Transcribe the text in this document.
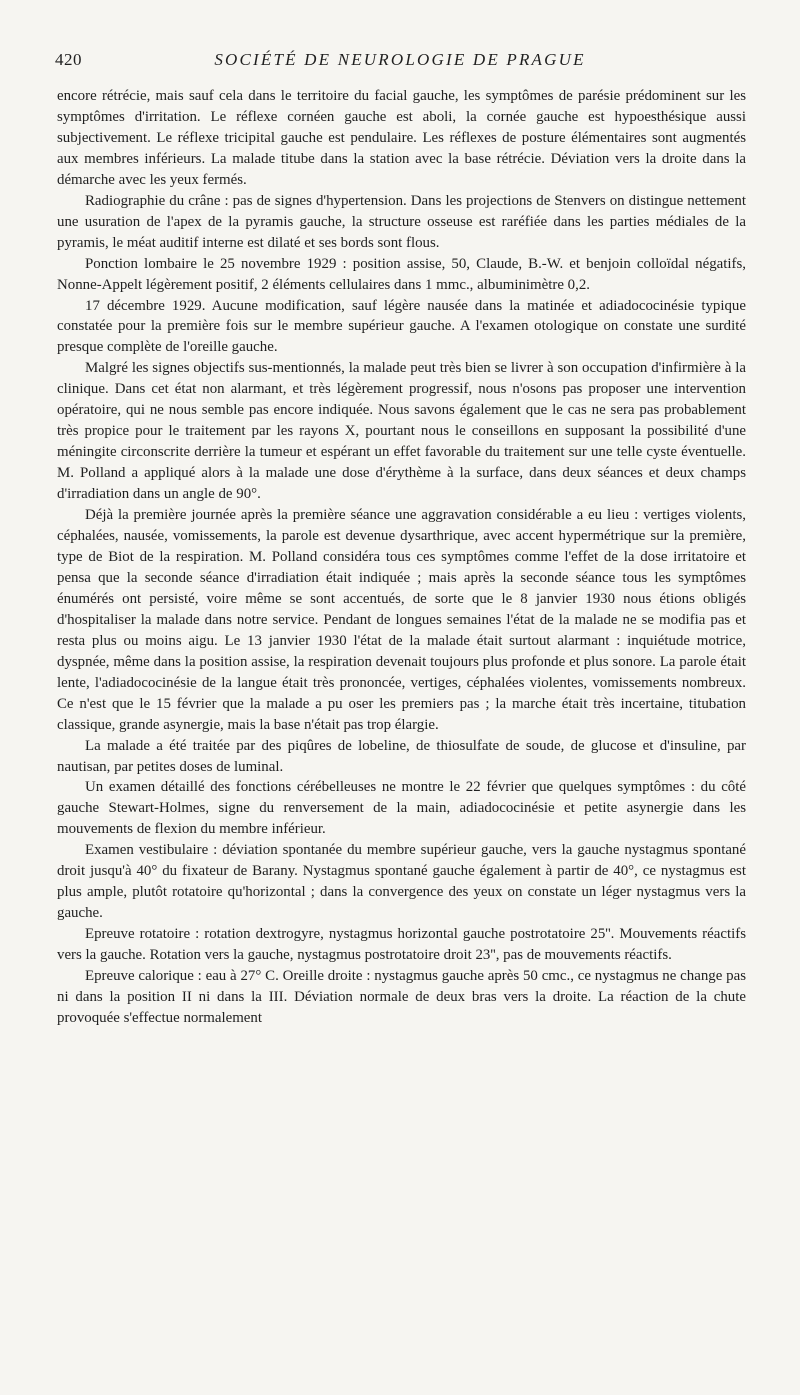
420	SOCIÉTÉ DE NEUROLOGIE DE PRAGUE

encore rétrécie, mais sauf cela dans le territoire du facial gauche, les symptômes de parésie prédominent sur les symptômes d'irritation. Le réflexe cornéen gauche est aboli, la cornée gauche est hypoesthésique aussi subjectivement. Le réflexe tricipital gauche est pendulaire. Les réflexes de posture élémentaires sont augmentés aux membres inférieurs. La malade titube dans la station avec la base rétrécie. Déviation vers la droite dans la démarche avec les yeux fermés.

Radiographie du crâne : pas de signes d'hypertension. Dans les projections de Stenvers on distingue nettement une usuration de l'apex de la pyramis gauche, la structure osseuse est raréfiée dans les parties médiales de la pyramis, le méat auditif interne est dilaté et ses bords sont flous.

Ponction lombaire le 25 novembre 1929 : position assise, 50, Claude, B.-W. et benjoin colloïdal négatifs, Nonne-Appelt légèrement positif, 2 éléments cellulaires dans 1 mmc., albuminimètre 0,2.

17 décembre 1929. Aucune modification, sauf légère nausée dans la matinée et adiadococinésie typique constatée pour la première fois sur le membre supérieur gauche. A l'examen otologique on constate une surdité presque complète de l'oreille gauche.

Malgré les signes objectifs sus-mentionnés, la malade peut très bien se livrer à son occupation d'infirmière à la clinique. Dans cet état non alarmant, et très légèrement progressif, nous n'osons pas proposer une intervention opératoire, qui ne nous semble pas encore indiquée. Nous savons également que le cas ne sera pas probablement très propice pour le traitement par les rayons X, pourtant nous le conseillons en supposant la possibilité d'une méningite circonscrite derrière la tumeur et espérant un effet favorable du traitement sur une telle cyste éventuelle. M. Polland a appliqué alors à la malade une dose d'érythème à la surface, dans deux séances et deux champs d'irradiation dans un angle de 90°.

Déjà la première journée après la première séance une aggravation considérable a eu lieu : vertiges violents, céphalées, nausée, vomissements, la parole est devenue dysarthrique, avec accent hypermétrique sur la première, type de Biot de la respiration. M. Polland considéra tous ces symptômes comme l'effet de la dose irritatoire et pensa que la seconde séance d'irradiation était indiquée ; mais après la seconde séance tous les symptômes énumérés ont persisté, voire même se sont accentués, de sorte que le 8 janvier 1930 nous étions obligés d'hospitaliser la malade dans notre service. Pendant de longues semaines l'état de la malade ne se modifia pas et resta plus ou moins aigu. Le 13 janvier 1930 l'état de la malade était surtout alarmant : inquiétude motrice, dyspnée, même dans la position assise, la respiration devenait toujours plus profonde et plus sonore. La parole était lente, l'adiadococinésie de la langue était très prononcée, vertiges, céphalées violentes, vomissements nombreux. Ce n'est que le 15 février que la malade a pu oser les premiers pas ; la marche était très incertaine, titubation classique, grande asynergie, mais la base n'était pas trop élargie.

La malade a été traitée par des piqûres de lobeline, de thiosulfate de soude, de glucose et d'insuline, par nautisan, par petites doses de luminal.

Un examen détaillé des fonctions cérébelleuses ne montre le 22 février que quelques symptômes : du côté gauche Stewart-Holmes, signe du renversement de la main, adiadococinésie et petite asynergie dans les mouvements de flexion du membre inférieur.

Examen vestibulaire : déviation spontanée du membre supérieur gauche, vers la gauche nystagmus spontané droit jusqu'à 40° du fixateur de Barany. Nystagmus spontané gauche également à partir de 40°, ce nystagmus est plus ample, plutôt rotatoire qu'horizontal ; dans la convergence des yeux on constate un léger nystagmus vers la gauche.

Epreuve rotatoire : rotation dextrogyre, nystagmus horizontal gauche postrotatoire 25''. Mouvements réactifs vers la gauche. Rotation vers la gauche, nystagmus postrotatoire droit 23'', pas de mouvements réactifs.

Epreuve calorique : eau à 27° C. Oreille droite : nystagmus gauche après 50 cmc., ce nystagmus ne change pas ni dans la position II ni dans la III. Déviation normale de deux bras vers la droite. La réaction de la chute provoquée s'effectue normalement
